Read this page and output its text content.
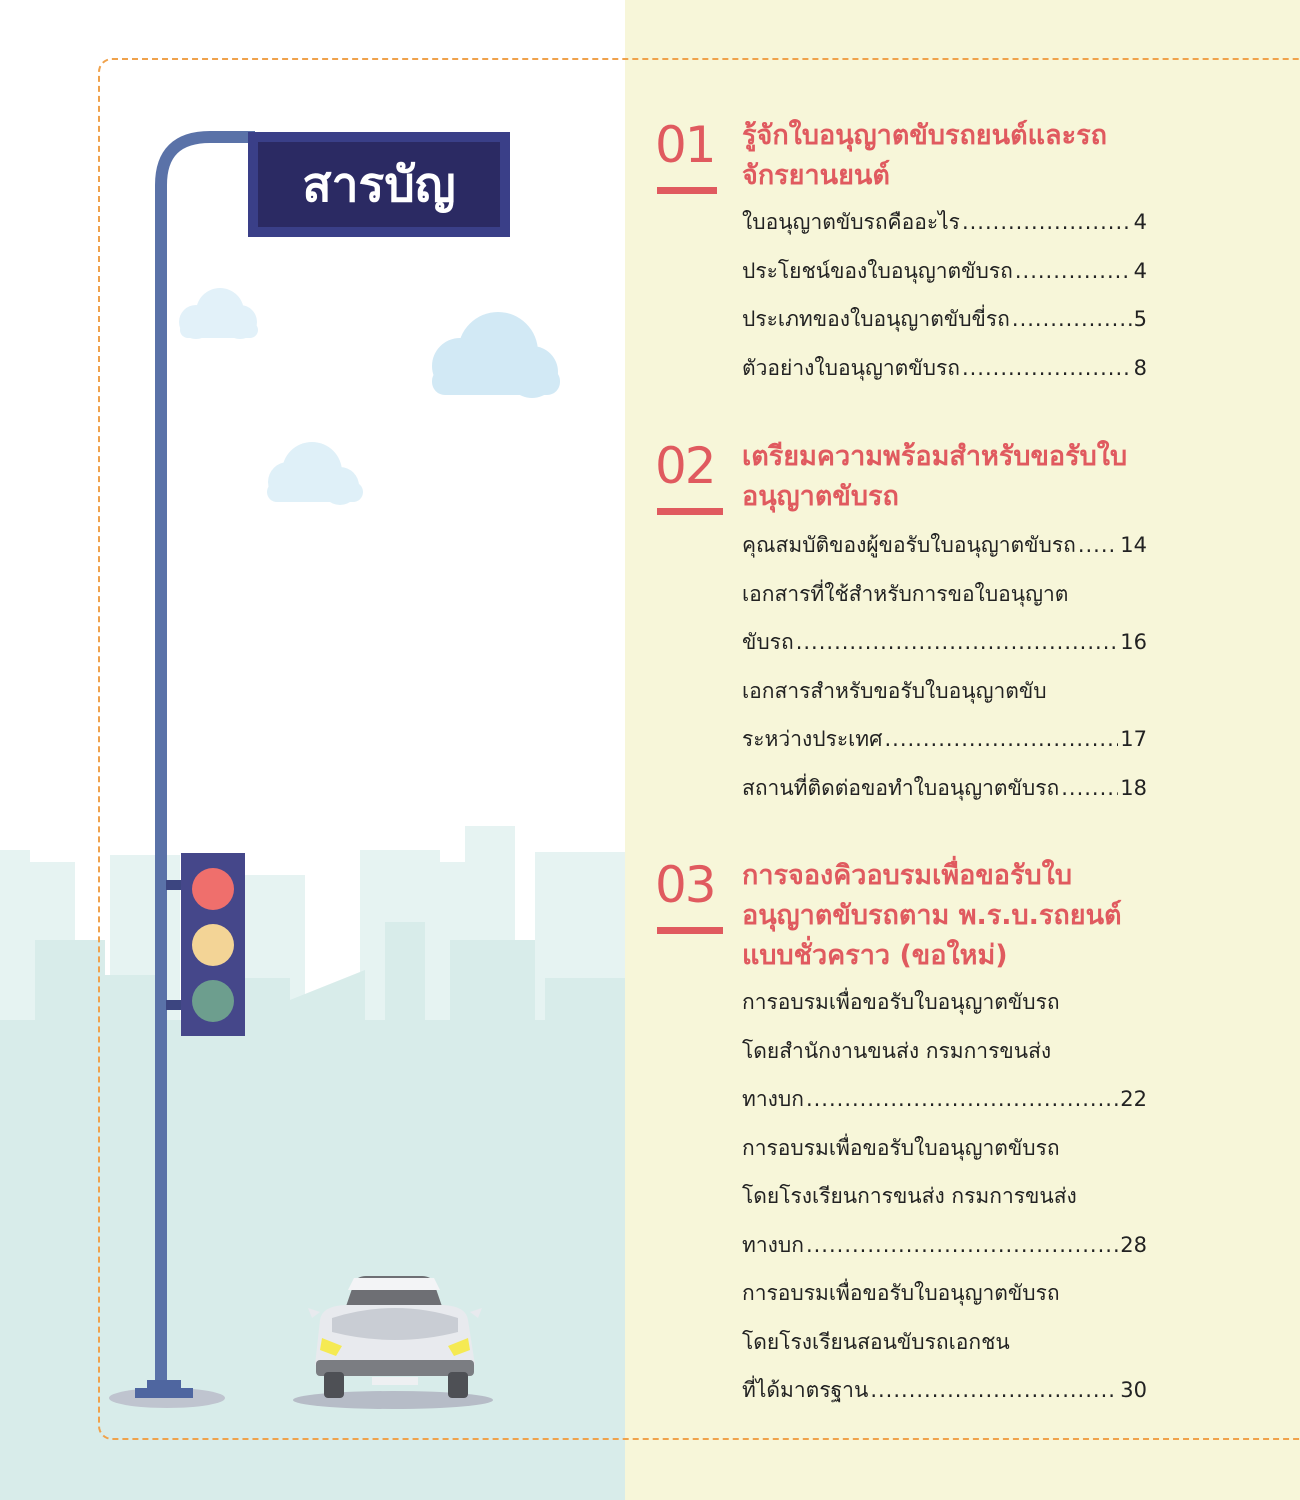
สารบัญ
01 รู้จักใบอนุญาตขับรถยนต์และรถจักรยานยนต์
ใบอนุญาตขับรถคืออะไร .....	4
ประโยชน์ของใบอนุญาตขับรถ .....	4
ประเภทของใบอนุญาตขับขี่รถ .....	5
ตัวอย่างใบอนุญาตขับรถ .....	8
02 เตรียมความพร้อมสำหรับขอรับใบอนุญาตขับรถ
คุณสมบัติของผู้ขอรับใบอนุญาตขับรถ ..... 14
เอกสารที่ใช้สำหรับการขอใบอนุญาต
ขับรถ .....	16
เอกสารสำหรับขอรับใบอนุญาตขับ
ระหว่างประเทศ .....	17
สถานที่ติดต่อขอทำใบอนุญาตขับรถ .....	18
03 การจองคิวอบรมเพื่อขอรับใบอนุญาตขับรถตาม พ.ร.บ.รถยนต์แบบชั่วคราว (ขอใหม่)
การอบรมเพื่อขอรับใบอนุญาตขับรถ
โดยสำนักงานขนส่ง กรมการขนส่ง
ทางบก .....	22
การอบรมเพื่อขอรับใบอนุญาตขับรถ
โดยโรงเรียนการขนส่ง กรมการขนส่ง
ทางบก .....	28
การอบรมเพื่อขอรับใบอนุญาตขับรถ
โดยโรงเรียนสอนขับรถเอกชน
ที่ได้มาตรฐาน .....	30
